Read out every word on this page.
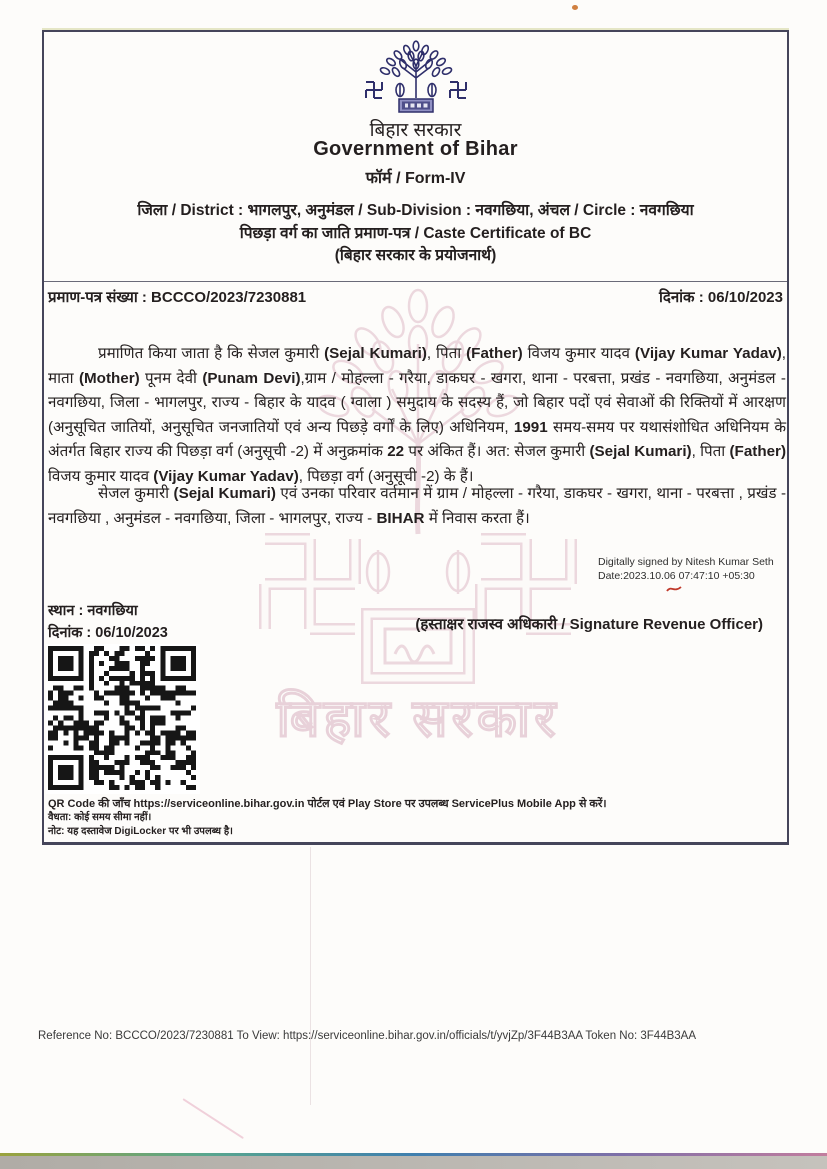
बिहार सरकार
बिहार सरकार
Government of Bihar
फॉर्म / Form-IV
जिला / District : भागलपुर, अनुमंडल / Sub-Division : नवगछिया, अंचल / Circle : नवगछिया
पिछड़ा वर्ग का जाति प्रमाण-पत्र / Caste Certificate of BC
(बिहार सरकार के प्रयोजनार्थ)
प्रमाण-पत्र संख्या : BCCCO/2023/7230881	दिनांक : 06/10/2023

प्रमाणित किया जाता है कि सेजल कुमारी (Sejal Kumari), पिता (Father) विजय कुमार यादव (Vijay Kumar Yadav), माता (Mother) पूनम देवी (Punam Devi),ग्राम / मोहल्ला - गरैया, डाकघर - खगरा, थाना - परबत्ता, प्रखंड - नवगछिया, अनुमंडल - नवगछिया, जिला - भागलपुर, राज्य - बिहार के यादव ( ग्वाला ) समुदाय के सदस्य हैं, जो बिहार पदों एवं सेवाओं की रिक्तियों में आरक्षण (अनुसूचित जातियों, अनुसूचित जनजातियों एवं अन्य पिछड़े वर्गों के लिए) अधिनियम, 1991 समय-समय पर यथासंशोधित अधिनियम के अंतर्गत बिहार राज्य की पिछड़ा वर्ग (अनुसूची -2) में अनुक्रमांक 22 पर अंकित हैं। अत: सेजल कुमारी (Sejal Kumari), पिता (Father) विजय कुमार यादव (Vijay Kumar Yadav), पिछड़ा वर्ग (अनुसूची -2) के हैं।

सेजल कुमारी (Sejal Kumari) एवं उनका परिवार वर्तमान में ग्राम / मोहल्ला - गरैया, डाकघर - खगरा, थाना - परबत्ता , प्रखंड - नवगछिया , अनुमंडल - नवगछिया, जिला - भागलपुर, राज्य - BIHAR में निवास करता हैं।

Digitally signed by Nitesh Kumar Seth
Date:2023.10.06 07:47:10 +05:30
(हस्ताक्षर राजस्व अधिकारी / Signature Revenue Officer)
स्थान : नवगछिया
दिनांक : 06/10/2023
QR Code की जाँच https://serviceonline.bihar.gov.in पोर्टल एवं Play Store पर उपलब्ध ServicePlus Mobile App से करें।
वैधता: कोई समय सीमा नहीं।
नोट: यह दस्तावेज DigiLocker पर भी उपलब्ध है।
Reference No: BCCCO/2023/7230881 To View: https://serviceonline.bihar.gov.in/officials/t/yvjZp/3F44B3AA Token No: 3F44B3AA
